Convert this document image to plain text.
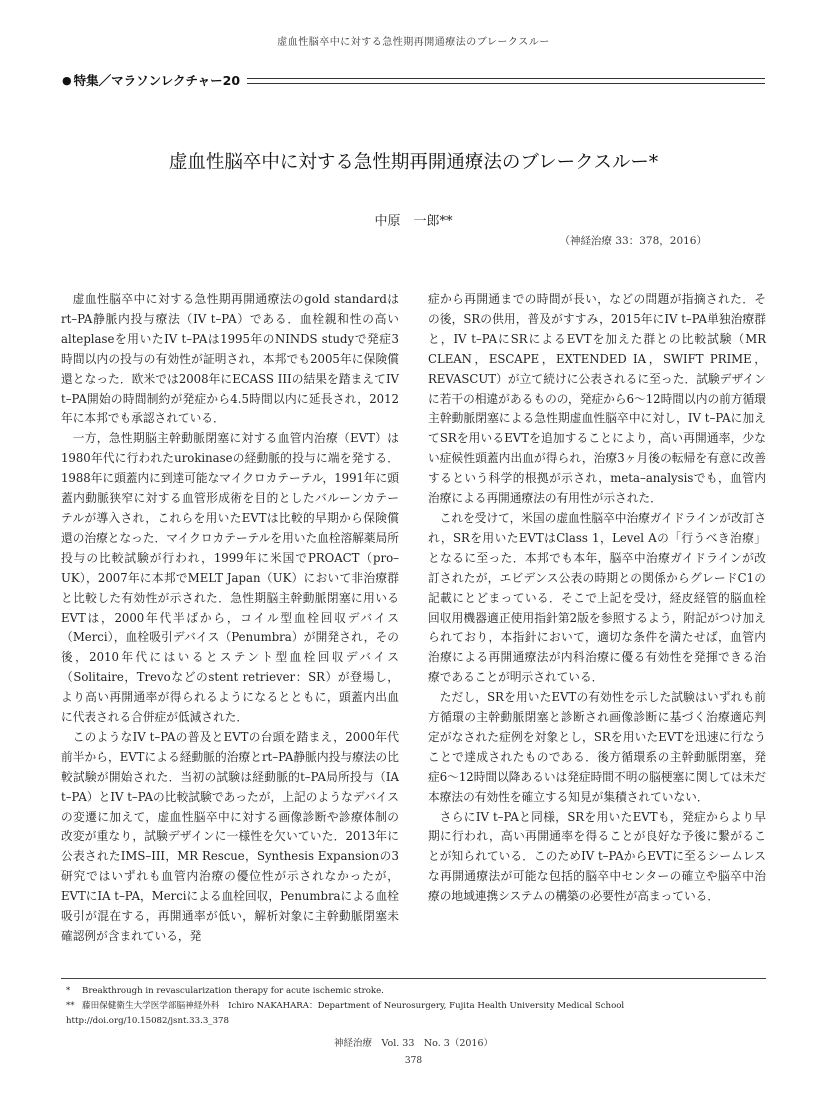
虚血性脳卒中に対する急性期再開通療法のブレークスルー
● 特集／マラソンレクチャー20
虚血性脳卒中に対する急性期再開通療法のブレークスルー*
中原　一郎**
（神経治療 33：378，2016）

虚血性脳卒中に対する急性期再開通療法のgold standardはrt–PA静脈内投与療法（IV t–PA）である．血栓親和性の高いalteplaseを用いたIV t–PAは1995年のNINDS studyで発症3時間以内の投与の有効性が証明され，本邦でも2005年に保険償還となった．欧米では2008年にECASS IIIの結果を踏まえてIV t–PA開始の時間制約が発症から4.5時間以内に延長され，2012年に本邦でも承認されている．

一方，急性期脳主幹動脈閉塞に対する血管内治療（EVT）は1980年代に行われたurokinaseの経動脈的投与に端を発する．1988年に頭蓋内に到達可能なマイクロカテーテル，1991年に頭蓋内動脈狭窄に対する血管形成術を目的としたバルーンカテーテルが導入され，これらを用いたEVTは比較的早期から保険償還の治療となった．マイクロカテーテルを用いた血栓溶解薬局所投与の比較試験が行われ，1999年に米国でPROACT（pro–UK），2007年に本邦でMELT Japan（UK）において非治療群と比較した有効性が示された．急性期脳主幹動脈閉塞に用いるEVTは，2000年代半ばから，コイル型血栓回収デバイス（Merci），血栓吸引デバイス（Penumbra）が開発され，その後，2010年代にはいるとステント型血栓回収デバイス（Solitaire，Trevoなどのstent retriever：SR）が登場し，より高い再開通率が得られるようになるとともに，頭蓋内出血に代表される合併症が低減された．

このようなIV t–PAの普及とEVTの台頭を踏まえ，2000年代前半から，EVTによる経動脈的治療とrt–PA静脈内投与療法の比較試験が開始された．当初の試験は経動脈的t–PA局所投与（IA t–PA）とIV t–PAの比較試験であったが，上記のようなデバイスの変遷に加えて，虚血性脳卒中に対する画像診断や診療体制の改変が重なり，試験デザインに一様性を欠いていた．2013年に公表されたIMS–III，MR Rescue，Synthesis Expansionの3研究ではいずれも血管内治療の優位性が示されなかったが，EVTにIA t–PA，Merciによる血栓回収，Penumbraによる血栓吸引が混在する，再開通率が低い，解析対象に主幹動脈閉塞未確認例が含まれている，発

症から再開通までの時間が長い，などの問題が指摘された．その後，SRの供用，普及がすすみ，2015年にIV t–PA単独治療群と，IV t–PAにSRによるEVTを加えた群との比較試験（MR CLEAN，ESCAPE，EXTENDED IA，SWIFT PRIME，REVASCUT）が立て続けに公表されるに至った．試験デザインに若干の相違があるものの，発症から6～12時間以内の前方循環主幹動脈閉塞による急性期虚血性脳卒中に対し，IV t–PAに加えてSRを用いるEVTを追加することにより，高い再開通率，少ない症候性頭蓋内出血が得られ，治療3ヶ月後の転帰を有意に改善するという科学的根拠が示され，meta–analysisでも，血管内治療による再開通療法の有用性が示された．

これを受けて，米国の虚血性脳卒中治療ガイドラインが改訂され，SRを用いたEVTはClass 1，Level Aの「行うべき治療」となるに至った．本邦でも本年，脳卒中治療ガイドラインが改訂されたが，エビデンス公表の時期との関係からグレードC1の記載にとどまっている．そこで上記を受け，経皮経管的脳血栓回収用機器適正使用指針第2版を参照するよう，附記がつけ加えられており，本指針において，適切な条件を満たせば，血管内治療による再開通療法が内科治療に優る有効性を発揮できる治療であることが明示されている．

ただし，SRを用いたEVTの有効性を示した試験はいずれも前方循環の主幹動脈閉塞と診断され画像診断に基づく治療適応判定がなされた症例を対象とし，SRを用いたEVTを迅速に行なうことで達成されたものである．後方循環系の主幹動脈閉塞，発症6～12時間以降あるいは発症時間不明の脳梗塞に関しては未だ本療法の有効性を確立する知見が集積されていない．

さらにIV t–PAと同様，SRを用いたEVTも，発症からより早期に行われ，高い再開通率を得ることが良好な予後に繋がることが知られている．このためIV t–PAからEVTに至るシームレスな再開通療法が可能な包括的脳卒中センターの確立や脳卒中治療の地域連携システムの構築の必要性が高まっている．

* Breakthrough in revascularization therapy for acute ischemic stroke.
** 藤田保健衛生大学医学部脳神経外科　Ichiro NAKAHARA：Department of Neurosurgery, Fujita Health University Medical School
http://doi.org/10.15082/jsnt.33.3_378
神経治療　Vol. 33　No. 3（2016）
378
